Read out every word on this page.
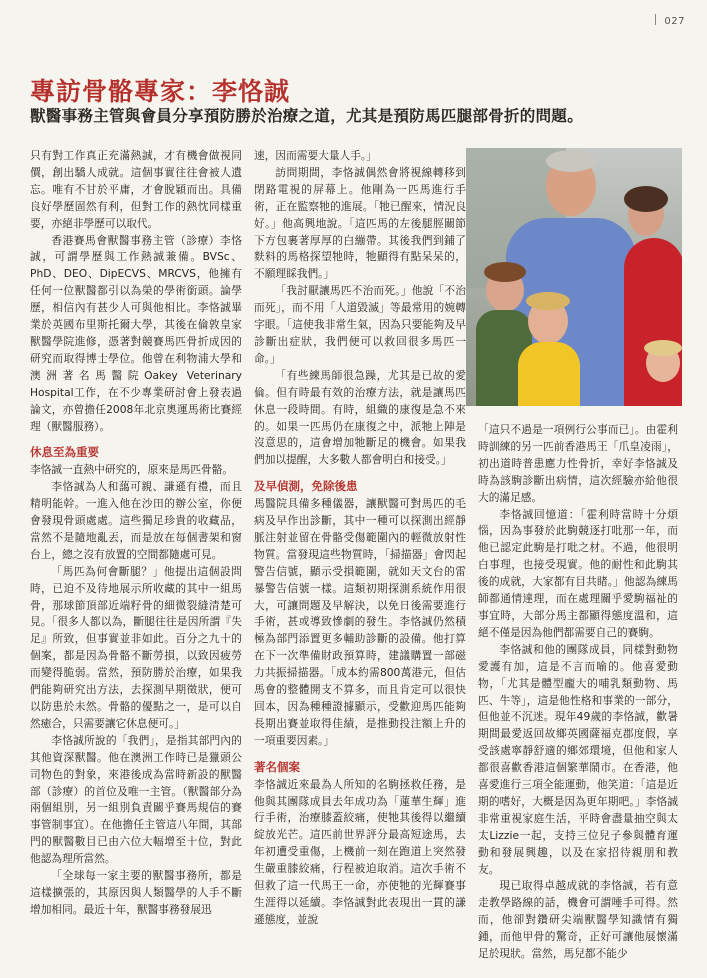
027
專訪骨骼專家：李恪誠
獸醫事務主管與會員分享預防勝於治療之道，尤其是預防馬匹腿部骨折的問題。

只有對工作真正充滿熱誠，才有機會做視同價，創出驕人成就。這個事實往往會被人遺忘。唯有不甘於平庸，才會脫穎而出。具備良好學歷固然有利，但對工作的熱忱同樣重要，亦絕非學歷可以取代。

香港賽馬會獸醫事務主管（診療）李恪誠，可謂學歷與工作熱誠兼備。BVSc、PhD、DEO、DipECVS、MRCVS，他擁有任何一位獸醫都引以為榮的學術銜頭。論學歷，相信內有甚少人可與他相比。李恪誠畢業於英國布里斯托爾大學，其後在倫敦皇家獸醫學院進修，憑著對競賽馬匹骨折成因的研究而取得博士學位。他曾在利物浦大學和澳洲著名馬醫院Oakey Veterinary Hospital工作，在不少專業研討會上發表過論文，亦曾擔任2008年北京奧運馬術比賽經理（獸醫服務）。

休息至為重要

李恪誠一直熱中研究的，原來是馬匹骨骼。

李恪誠為人和藹可親、謙遜有禮，而且精明能幹。一進入他在沙田的辦公室，你便會發現骨頭處處。這些獨足珍貴的收藏品，當然不是隨地亂丟，而是放在每個書架和窗台上，總之沒有放置的空間都隨處可見。

「馬匹為何會斷腿？」他提出這個設問時，已迫不及待地展示所收藏的其中一組馬骨，那球節頂部近端籽骨的細微裂縫清楚可見。「很多人都以為，斷腿往往是因所謂『失足』所致，但事實並非如此。百分之九十的個案，都是因為骨骼不斷勞損，以致因疲勞而變得脆弱。當然，預防勝於治療，如果我們能夠研究出方法，去探測早期徵狀，便可以防患於未然。骨骼的優點之一，是可以自然癒合，只需要讓它休息便可。」

李恪誠所說的「我們」，是指其部門內的其他資深獸醫。他在澳洲工作時已是獵頭公司物色的對象，來港後成為當時新設的獸醫部（診療）的首位及唯一主管。（獸醫部分為兩個組別，另一組別負責關乎賽馬規信的賽事管制事宜）。在他擔任主管這八年間，其部門的獸醫數目已由六位大幅增至十位，對此他認為理所當然。

「全球每一家主要的獸醫事務所，都是這樣擴張的，其原因與人類醫學的人手不斷增加相同。最近十年，獸醫事務發展迅

速，因而需要大量人手。」

訪問期間，李恪誠偶然會將視線轉移到閉路電視的屏幕上。他剛為一匹馬進行手術，正在監察牠的進展。「牠已醒來，情況良好。」他高興地說。「這匹馬的左後腿脛關節下方包裹著厚厚的白繃帶。其後我們到鋪了麩料的馬格探望牠時，牠顯得有點呆呆的，不願理睬我們。」

「我討厭讓馬匹不治而死。」他說「不治而死」，而不用「人道毀滅」等最常用的婉轉字眼。「這使我非常生氣，因為只要能夠及早診斷出症狀，我們便可以救回很多馬匹一命。」

「有些練馬師很急躁，尤其是已故的愛倫。但有時最有效的治療方法，就是讓馬匹休息一段時間。有時，組織的康復是急不來的。如果一匹馬仍在康復之中，派牠上陣是沒意思的，這會增加牠斷足的機會。如果我們加以提醒，大多數人都會明白和接受。」

及早偵測，免除後患

馬醫院具備多種儀器，讓獸醫可對馬匹的毛病及早作出診斷，其中一種可以探測出經靜脈注射並留在骨骼受傷範圍內的輕微放射性物質。當發現這些物質時，「掃描器」會閃起警告信號，顯示受損範圍，就如天文台的雷暴警告信號一樣。這類初期探測系統作用很大，可讓問題及早解決，以免日後需要進行手術，甚或導致慘劇的發生。李恪誠仍然積極為部門添置更多輔助診斷的設備。他打算在下一次準備財政預算時，建議購置一部磁力共振掃描器。「成本約需800萬港元，但估馬會的整體開支不算多，而且肯定可以很快回本，因為種種證據顯示，受歡迎馬匹能夠長期出賽並取得佳績，是推動投注額上升的一項重要因素。」

著名個案

李恪誠近來最為人所知的名駒拯救任務，是他與其團隊成員去年成功為「蓮華生輝」進行手術，治療膝蓋絞痛，使牠其後得以繼續綻放光芒。這匹前世界評分最高短途馬，去年初遭受重傷，上機前一刻在跑道上突然發生嚴重膝絞痛，行程被迫取消。這次手術不但救了這一代馬王一命，亦使牠的光輝賽事生涯得以延續。李恪誠對此表現出一貫的謙遜態度，並說

「這只不過是一項例行公事而已」。由霍利時訓練的另一匹前香港馬王「爪皇凌雨」，初出道時普患應力性骨折，幸好李恪誠及時為該駒診斷出病情，這次經驗亦給他很大的滿足感。

李恪誠回憶道：「霍利時當時十分煩惱，因為事發於此駒競逐打吡那一年，而他已認定此駒是打吡之材。不過，他很明白事理，也接受現實。他的耐性和此駒其後的成就，大家都有目共睹。」他認為練馬師都通情達理，而在處理關乎愛駒福祉的事宜時，大部分馬主都顯得態度溫和，這絕不僅是因為他們都需要自己的賽駒。

李恪誠和他的團隊成員，同樣對動物愛護有加，這是不言而喻的。他喜愛動物，「尤其是體型龐大的哺乳類動物、馬匹、牛等」，這是他性格和事業的一部分，但他並不沉迷。現年49歲的李恪誠，歡暑期間最愛返回故鄉英國薩福克郡度假，享受該處寧靜舒適的鄉郊環境，但他和家人都很喜歡香港這個繁華鬧市。在香港，他喜愛進行三項全能運動，他笑道：「這是近期的嗜好，大概是因為更年期吧。」李恪誠非常重視家庭生活，平時會盡量抽空與太太Lizzie一起，支持三位兒子參與體育運動和發展興趣，以及在家招待親朋和教友。

現已取得卓越成就的李恪誠，若有意走教學路線的話，機會可謂唾手可得。然而，他卻對鑽研尖端獸醫學知識情有獨鍾，而他甲骨的驚奇，正好可讓他展懷滿足於現狀。當然，馬兒都不能少
